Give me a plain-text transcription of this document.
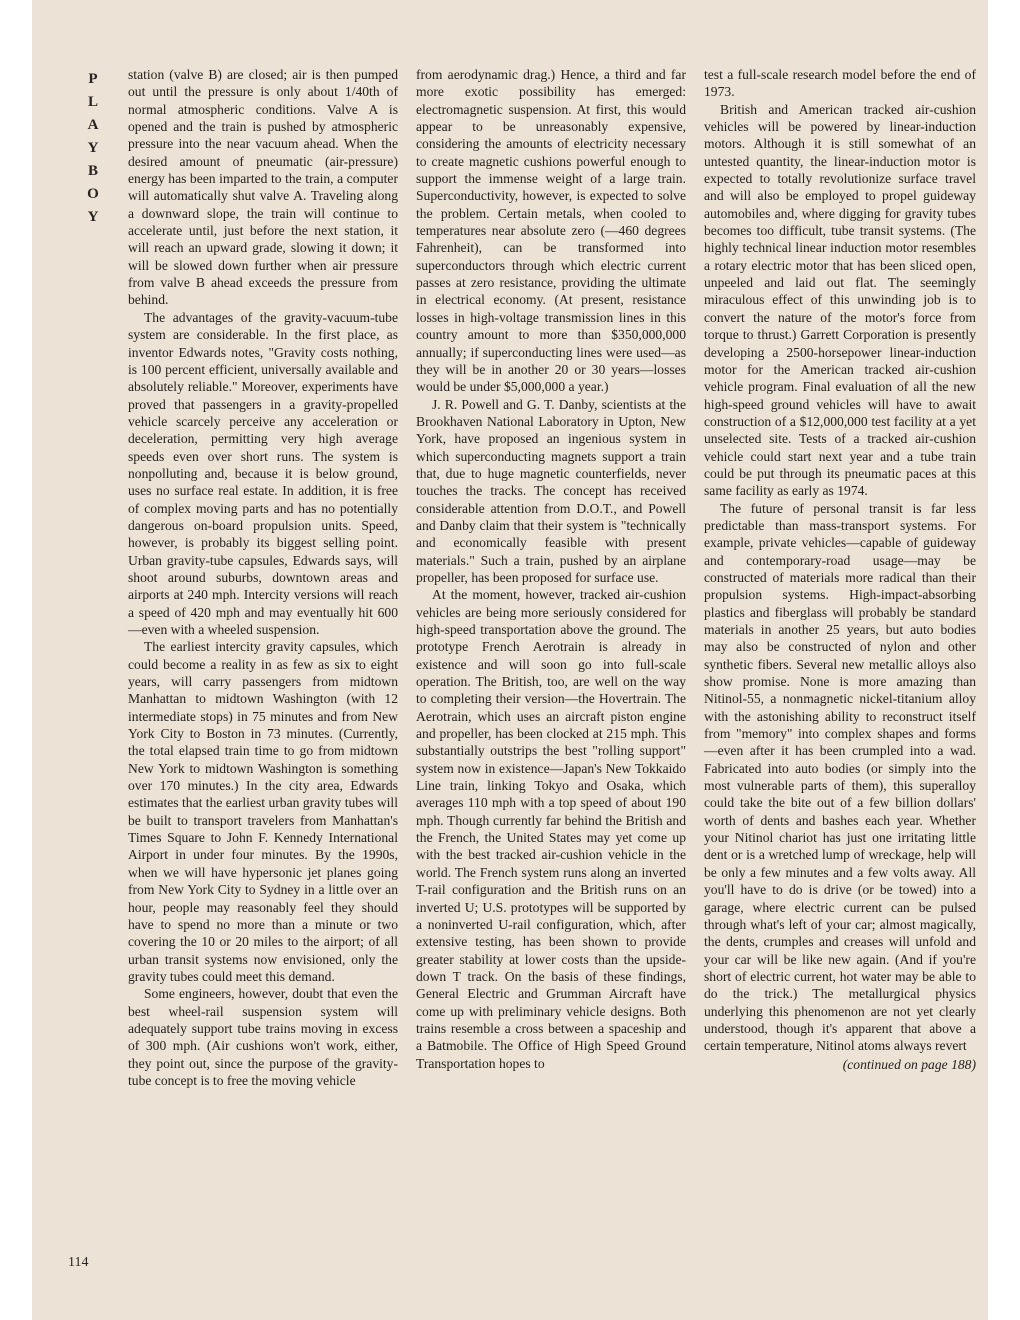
P
L
A
Y
B
O
Y

station (valve B) are closed; air is then pumped out until the pressure is only about 1/40th of normal atmospheric conditions. Valve A is opened and the train is pushed by atmospheric pressure into the near vacuum ahead. When the desired amount of pneumatic (air-pressure) energy has been imparted to the train, a computer will automatically shut valve A. Traveling along a downward slope, the train will continue to accelerate until, just before the next station, it will reach an upward grade, slowing it down; it will be slowed down further when air pressure from valve B ahead exceeds the pressure from behind.

The advantages of the gravity-vacuum-tube system are considerable. In the first place, as inventor Edwards notes, "Gravity costs nothing, is 100 percent efficient, universally available and absolutely reliable." Moreover, experiments have proved that passengers in a gravity-propelled vehicle scarcely perceive any acceleration or deceleration, permitting very high average speeds even over short runs. The system is nonpolluting and, because it is below ground, uses no surface real estate. In addition, it is free of complex moving parts and has no potentially dangerous on-board propulsion units. Speed, however, is probably its biggest selling point. Urban gravity-tube capsules, Edwards says, will shoot around suburbs, downtown areas and airports at 240 mph. Intercity versions will reach a speed of 420 mph and may eventually hit 600—even with a wheeled suspension.

The earliest intercity gravity capsules, which could become a reality in as few as six to eight years, will carry passengers from midtown Manhattan to midtown Washington (with 12 intermediate stops) in 75 minutes and from New York City to Boston in 73 minutes. (Currently, the total elapsed train time to go from midtown New York to midtown Washington is something over 170 minutes.) In the city area, Edwards estimates that the earliest urban gravity tubes will be built to transport travelers from Manhattan's Times Square to John F. Kennedy International Airport in under four minutes. By the 1990s, when we will have hypersonic jet planes going from New York City to Sydney in a little over an hour, people may reasonably feel they should have to spend no more than a minute or two covering the 10 or 20 miles to the airport; of all urban transit systems now envisioned, only the gravity tubes could meet this demand.

Some engineers, however, doubt that even the best wheel-rail suspension system will adequately support tube trains moving in excess of 300 mph. (Air cushions won't work, either, they point out, since the purpose of the gravity-tube concept is to free the moving vehicle

from aerodynamic drag.) Hence, a third and far more exotic possibility has emerged: electromagnetic suspension. At first, this would appear to be unreasonably expensive, considering the amounts of electricity necessary to create magnetic cushions powerful enough to support the immense weight of a large train. Superconductivity, however, is expected to solve the problem. Certain metals, when cooled to temperatures near absolute zero (—460 degrees Fahrenheit), can be transformed into superconductors through which electric current passes at zero resistance, providing the ultimate in electrical economy. (At present, resistance losses in high-voltage transmission lines in this country amount to more than $350,000,000 annually; if superconducting lines were used—as they will be in another 20 or 30 years—losses would be under $5,000,000 a year.)

J. R. Powell and G. T. Danby, scientists at the Brookhaven National Laboratory in Upton, New York, have proposed an ingenious system in which superconducting magnets support a train that, due to huge magnetic counterfields, never touches the tracks. The concept has received considerable attention from D.O.T., and Powell and Danby claim that their system is "technically and economically feasible with present materials." Such a train, pushed by an airplane propeller, has been proposed for surface use.

At the moment, however, tracked air-cushion vehicles are being more seriously considered for high-speed transportation above the ground. The prototype French Aerotrain is already in existence and will soon go into full-scale operation. The British, too, are well on the way to completing their version—the Hovertrain. The Aerotrain, which uses an aircraft piston engine and propeller, has been clocked at 215 mph. This substantially outstrips the best "rolling support" system now in existence—Japan's New Tokkaido Line train, linking Tokyo and Osaka, which averages 110 mph with a top speed of about 190 mph. Though currently far behind the British and the French, the United States may yet come up with the best tracked air-cushion vehicle in the world. The French system runs along an inverted T-rail configuration and the British runs on an inverted U; U.S. prototypes will be supported by a noninverted U-rail configuration, which, after extensive testing, has been shown to provide greater stability at lower costs than the upside-down T track. On the basis of these findings, General Electric and Grumman Aircraft have come up with preliminary vehicle designs. Both trains resemble a cross between a spaceship and a Batmobile. The Office of High Speed Ground Transportation hopes to

test a full-scale research model before the end of 1973.

British and American tracked air-cushion vehicles will be powered by linear-induction motors. Although it is still somewhat of an untested quantity, the linear-induction motor is expected to totally revolutionize surface travel and will also be employed to propel guideway automobiles and, where digging for gravity tubes becomes too difficult, tube transit systems. (The highly technical linear induction motor resembles a rotary electric motor that has been sliced open, unpeeled and laid out flat. The seemingly miraculous effect of this unwinding job is to convert the nature of the motor's force from torque to thrust.) Garrett Corporation is presently developing a 2500-horsepower linear-induction motor for the American tracked air-cushion vehicle program. Final evaluation of all the new high-speed ground vehicles will have to await construction of a $12,000,000 test facility at a yet unselected site. Tests of a tracked air-cushion vehicle could start next year and a tube train could be put through its pneumatic paces at this same facility as early as 1974.

The future of personal transit is far less predictable than mass-transport systems. For example, private vehicles—capable of guideway and contemporary-road usage—may be constructed of materials more radical than their propulsion systems. High-impact-absorbing plastics and fiberglass will probably be standard materials in another 25 years, but auto bodies may also be constructed of nylon and other synthetic fibers. Several new metallic alloys also show promise. None is more amazing than Nitinol-55, a nonmagnetic nickel-titanium alloy with the astonishing ability to reconstruct itself from "memory" into complex shapes and forms—even after it has been crumpled into a wad. Fabricated into auto bodies (or simply into the most vulnerable parts of them), this superalloy could take the bite out of a few billion dollars' worth of dents and bashes each year. Whether your Nitinol chariot has just one irritating little dent or is a wretched lump of wreckage, help will be only a few minutes and a few volts away. All you'll have to do is drive (or be towed) into a garage, where electric current can be pulsed through what's left of your car; almost magically, the dents, crumples and creases will unfold and your car will be like new again. (And if you're short of electric current, hot water may be able to do the trick.) The metallurgical physics underlying this phenomenon are not yet clearly understood, though it's apparent that above a certain temperature, Nitinol atoms always revert

(continued on page 188)

114
